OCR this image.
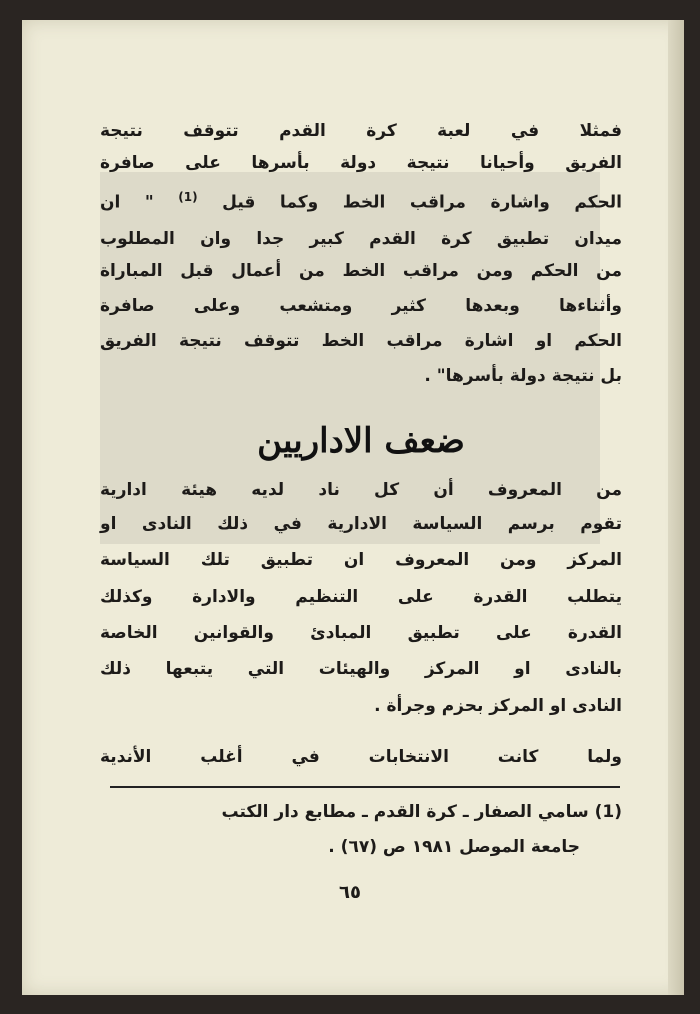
فمثلا في لعبة كرة القدم تتوقف نتيجة
الفريق وأحيانا نتيجة دولة بأسرها على صافرة
الحكم واشارة مراقب الخط وكما قيل $^{(1)}$ " ان
ميدان تطبيق كرة القدم كبير جدا وان المطلوب
من الحكم ومن مراقب الخط من أعمال قبل المباراة
وأثناءها وبعدها كثير ومتشعب وعلى صافرة
الحكم او اشارة مراقب الخط تتوقف نتيجة الفريق
بل نتيجة دولة بأسرها" .
ضعف الاداريين
من المعروف أن كل ناد لديه هيئة ادارية
تقوم برسم السياسة الادارية في ذلك النادى او
المركز ومن المعروف ان تطبيق تلك السياسة
يتطلب القدرة على التنظيم والادارة وكذلك
القدرة على تطبيق المبادئ والقوانين الخاصة
بالنادى او المركز والهيئات التي يتبعها ذلك
النادى او المركز بحزم وجرأة .
ولما كانت الانتخابات في أغلب الأندية
(1) سامي الصفار ـ كرة القدم ـ مطابع دار الكتب
جامعة الموصل ١٩٨١ ص (٦٧) .
٦٥
